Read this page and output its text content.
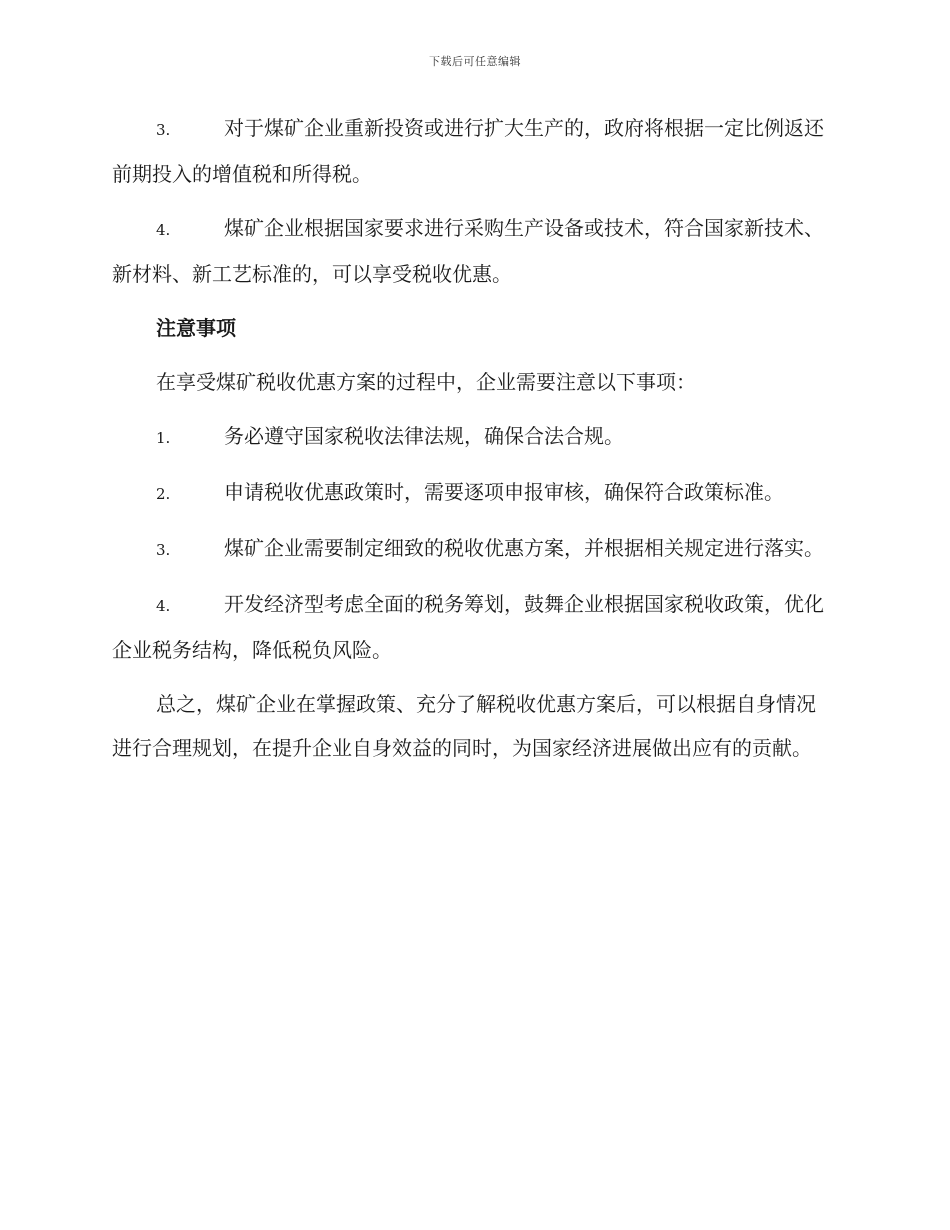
下载后可任意编辑

3.	对于煤矿企业重新投资或进行扩大生产的，政府将根据一定比例返还前期投入的增值税和所得税。

4.	煤矿企业根据国家要求进行采购生产设备或技术，符合国家新技术、新材料、新工艺标准的，可以享受税收优惠。

注意事项

在享受煤矿税收优惠方案的过程中，企业需要注意以下事项：

1.	务必遵守国家税收法律法规，确保合法合规。

2.	申请税收优惠政策时，需要逐项申报审核，确保符合政策标准。

3.	煤矿企业需要制定细致的税收优惠方案，并根据相关规定进行落实。

4.	开发经济型考虑全面的税务筹划，鼓舞企业根据国家税收政策，优化企业税务结构，降低税负风险。

总之，煤矿企业在掌握政策、充分了解税收优惠方案后，可以根据自身情况进行合理规划，在提升企业自身效益的同时，为国家经济进展做出应有的贡献。
